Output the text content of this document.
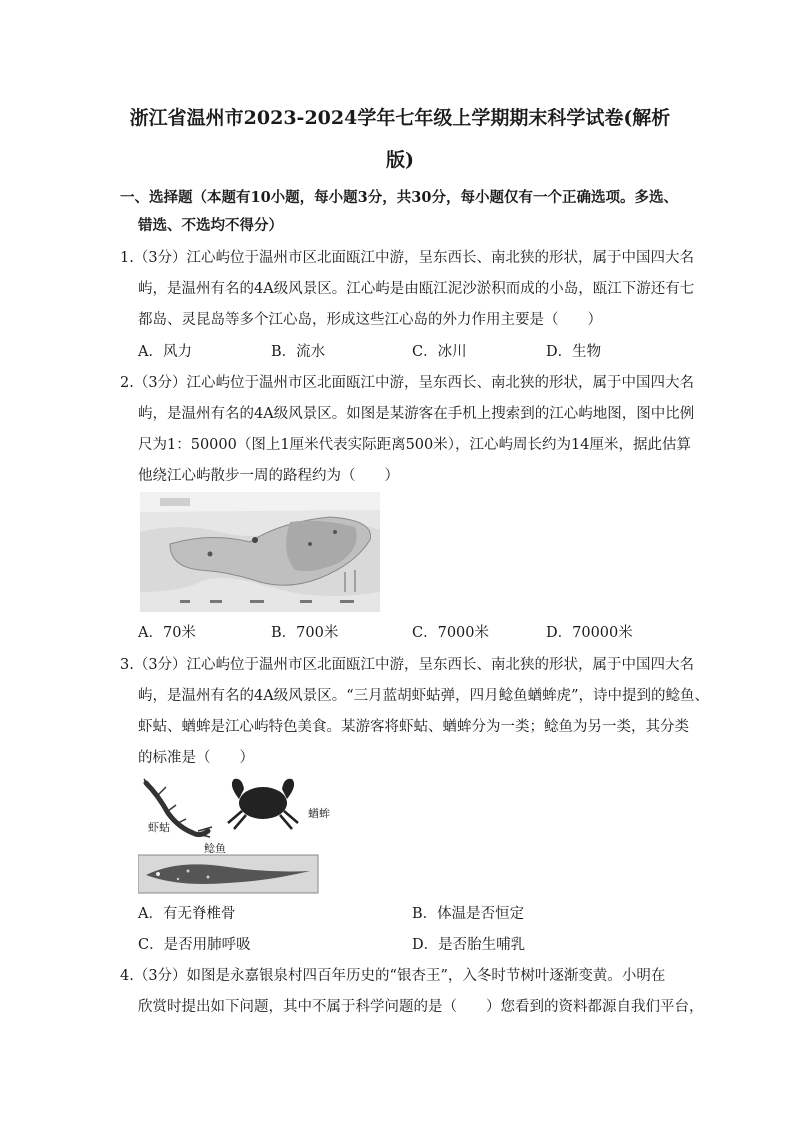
浙江省温州市2023-2024学年七年级上学期期末科学试卷(解析
版)
一、选择题（本题有10小题，每小题3分，共30分，每小题仅有一个正确选项。多选、
错选、不选均不得分）
1.（3分）江心屿位于温州市区北面瓯江中游，呈东西长、南北狭的形状，属于中国四大名
屿，是温州有名的4A级风景区。江心屿是由瓯江泥沙淤积而成的小岛，瓯江下游还有七
都岛、灵昆岛等多个江心岛，形成这些江心岛的外力作用主要是（　　）
A．风力	B．流水	C．冰川	D．生物
2.（3分）江心屿位于温州市区北面瓯江中游，呈东西长、南北狭的形状，属于中国四大名
屿，是温州有名的4A级风景区。如图是某游客在手机上搜索到的江心屿地图，图中比例
尺为1：50000（图上1厘米代表实际距离500米），江心屿周长约为14厘米，据此估算
他绕江心屿散步一周的路程约为（　　）
A．70米	B．700米	C．7000米	D．70000米
3.（3分）江心屿位于温州市区北面瓯江中游，呈东西长、南北狭的形状，属于中国四大名
屿，是温州有名的4A级风景区。“三月蓝胡虾蛄弹，四月鲶鱼蝤蛑虎”，诗中提到的鲶鱼、
虾蛄、蝤蛑是江心屿特色美食。某游客将虾蛄、蝤蛑分为一类；鲶鱼为另一类，其分类
的标准是（　　）
虾蛄
蝤蛑
鲶鱼
A．有无脊椎骨	B．体温是否恒定
C．是否用肺呼吸	D．是否胎生哺乳
4.（3分）如图是永嘉银泉村四百年历史的“银杏王”，入冬时节树叶逐渐变黄。小明在
欣赏时提出如下问题，其中不属于科学问题的是（　　）您看到的资料都源自我们平台，
